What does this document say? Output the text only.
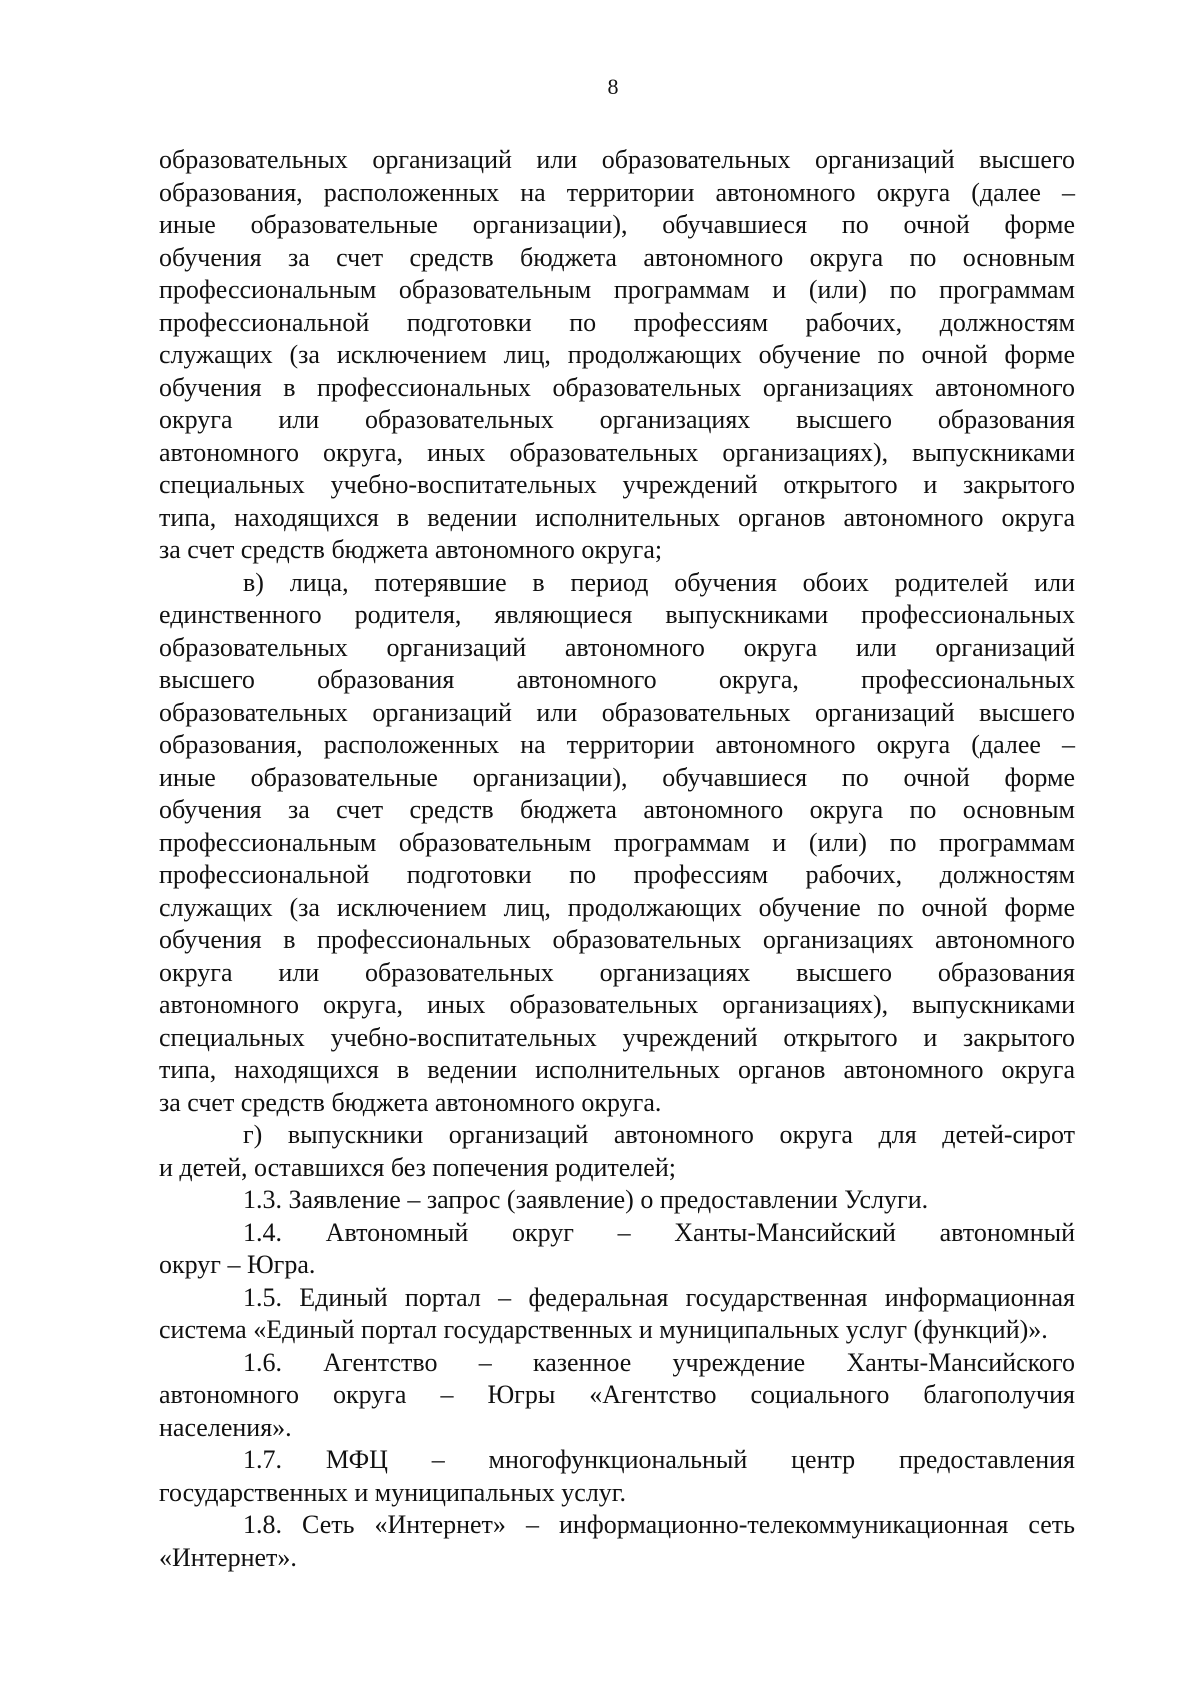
8
образовательных организаций или образовательных организаций высшего
образования, расположенных на территории автономного округа (далее –
иные образовательные организации), обучавшиеся по очной форме
обучения за счет средств бюджета автономного округа по основным
профессиональным образовательным программам и (или) по программам
профессиональной подготовки по профессиям рабочих, должностям
служащих (за исключением лиц, продолжающих обучение по очной форме
обучения в профессиональных образовательных организациях автономного
округа или образовательных организациях высшего образования
автономного округа, иных образовательных организациях), выпускниками
специальных учебно-воспитательных учреждений открытого и закрытого
типа, находящихся в ведении исполнительных органов автономного округа
за счет средств бюджета автономного округа;
в) лица, потерявшие в период обучения обоих родителей или
единственного родителя, являющиеся выпускниками профессиональных
образовательных организаций автономного округа или организаций
высшего образования автономного округа, профессиональных
образовательных организаций или образовательных организаций высшего
образования, расположенных на территории автономного округа (далее –
иные образовательные организации), обучавшиеся по очной форме
обучения за счет средств бюджета автономного округа по основным
профессиональным образовательным программам и (или) по программам
профессиональной подготовки по профессиям рабочих, должностям
служащих (за исключением лиц, продолжающих обучение по очной форме
обучения в профессиональных образовательных организациях автономного
округа или образовательных организациях высшего образования
автономного округа, иных образовательных организациях), выпускниками
специальных учебно-воспитательных учреждений открытого и закрытого
типа, находящихся в ведении исполнительных органов автономного округа
за счет средств бюджета автономного округа.
г) выпускники организаций автономного округа для детей-сирот
и детей, оставшихся без попечения родителей;
1.3. Заявление – запрос (заявление) о предоставлении Услуги.
1.4. Автономный округ – Ханты-Мансийский автономный
округ – Югра.
1.5. Единый портал – федеральная государственная информационная
система «Единый портал государственных и муниципальных услуг (функций)».
1.6. Агентство – казенное учреждение Ханты-Мансийского
автономного округа – Югры «Агентство социального благополучия
населения».
1.7. МФЦ – многофункциональный центр предоставления
государственных и муниципальных услуг.
1.8. Сеть «Интернет» – информационно-телекоммуникационная сеть
«Интернет».
